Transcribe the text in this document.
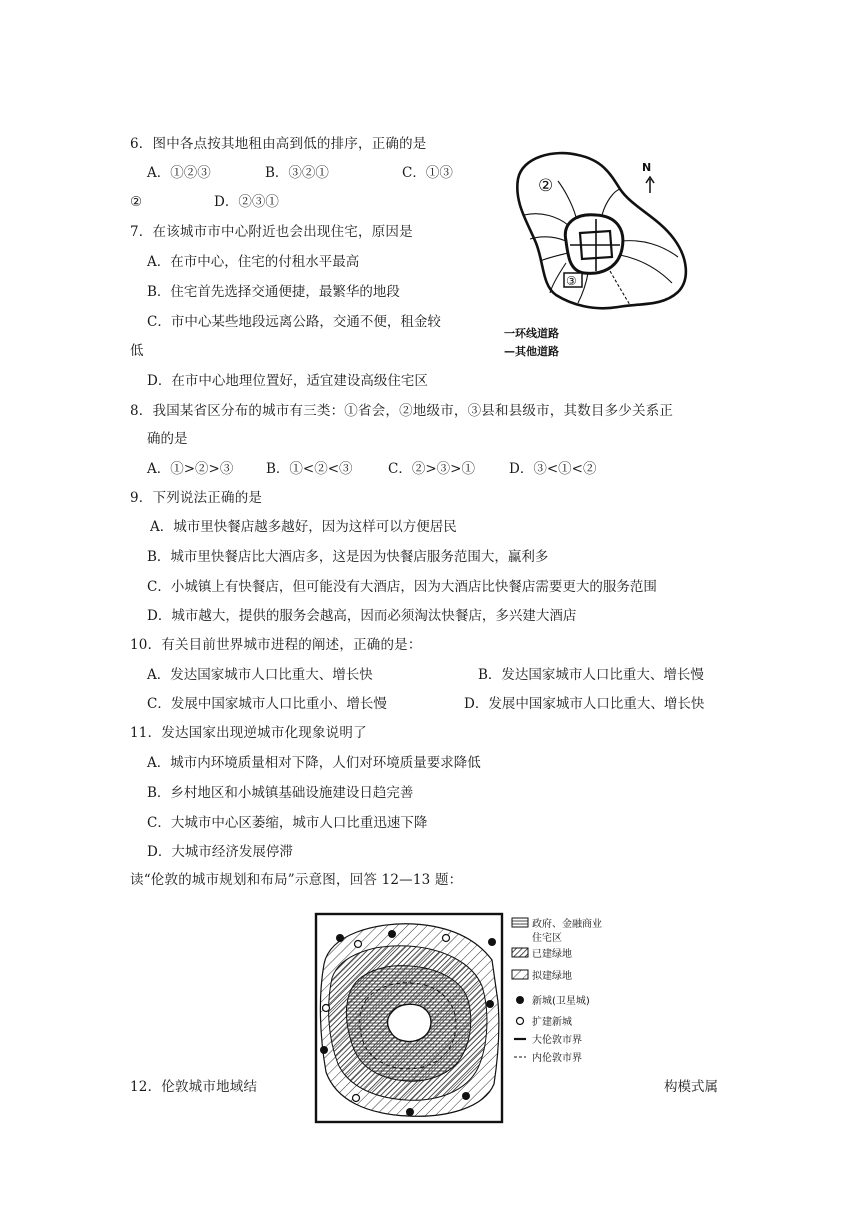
6．图中各点按其地租由高到低的排序，正确的是
A．①②③	B．③②①	C．①③
②	D．②③①
7．在该城市市中心附近也会出现住宅，原因是
A．在市中心，住宅的付租水平最高
B．住宅首先选择交通便捷，最繁华的地段
C．市中心某些地段远离公路，交通不便，租金较
低
D．在市中心地理位置好，适宜建设高级住宅区
N
②
③
一环线道路
—其他道路
8．我国某省区分布的城市有三类：①省会，②地级市，③县和县级市，其数目多少关系正
确的是
A．①>②>③ B．①<②<③	C．②>③>①	D．③<①<②
9．下列说法正确的是
A．城市里快餐店越多越好，因为这样可以方便居民
B．城市里快餐店比大酒店多，这是因为快餐店服务范围大，赢利多
C．小城镇上有快餐店，但可能没有大酒店，因为大酒店比快餐店需要更大的服务范围
D．城市越大，提供的服务会越高，因而必须淘汰快餐店，多兴建大酒店
10．有关目前世界城市进程的阐述，正确的是：
A．发达国家城市人口比重大、增长快	B．发达国家城市人口比重大、增长慢
C．发展中国家城市人口比重小、增长慢	D．发展中国家城市人口比重大、增长快
11．发达国家出现逆城市化现象说明了
A．城市内环境质量相对下降，人们对环境质量要求降低
B．乡村地区和小城镇基础设施建设日趋完善
C．大城市中心区萎缩，城市人口比重迅速下降
D．大城市经济发展停滞
读“伦敦的城市规划和布局”示意图，回答 12—13 题：
政府、金融商业
住宅区
已建绿地
拟建绿地
新城(卫星城)
扩建新城
大伦敦市界
内伦敦市界
12．伦敦城市地域结	构模式属
